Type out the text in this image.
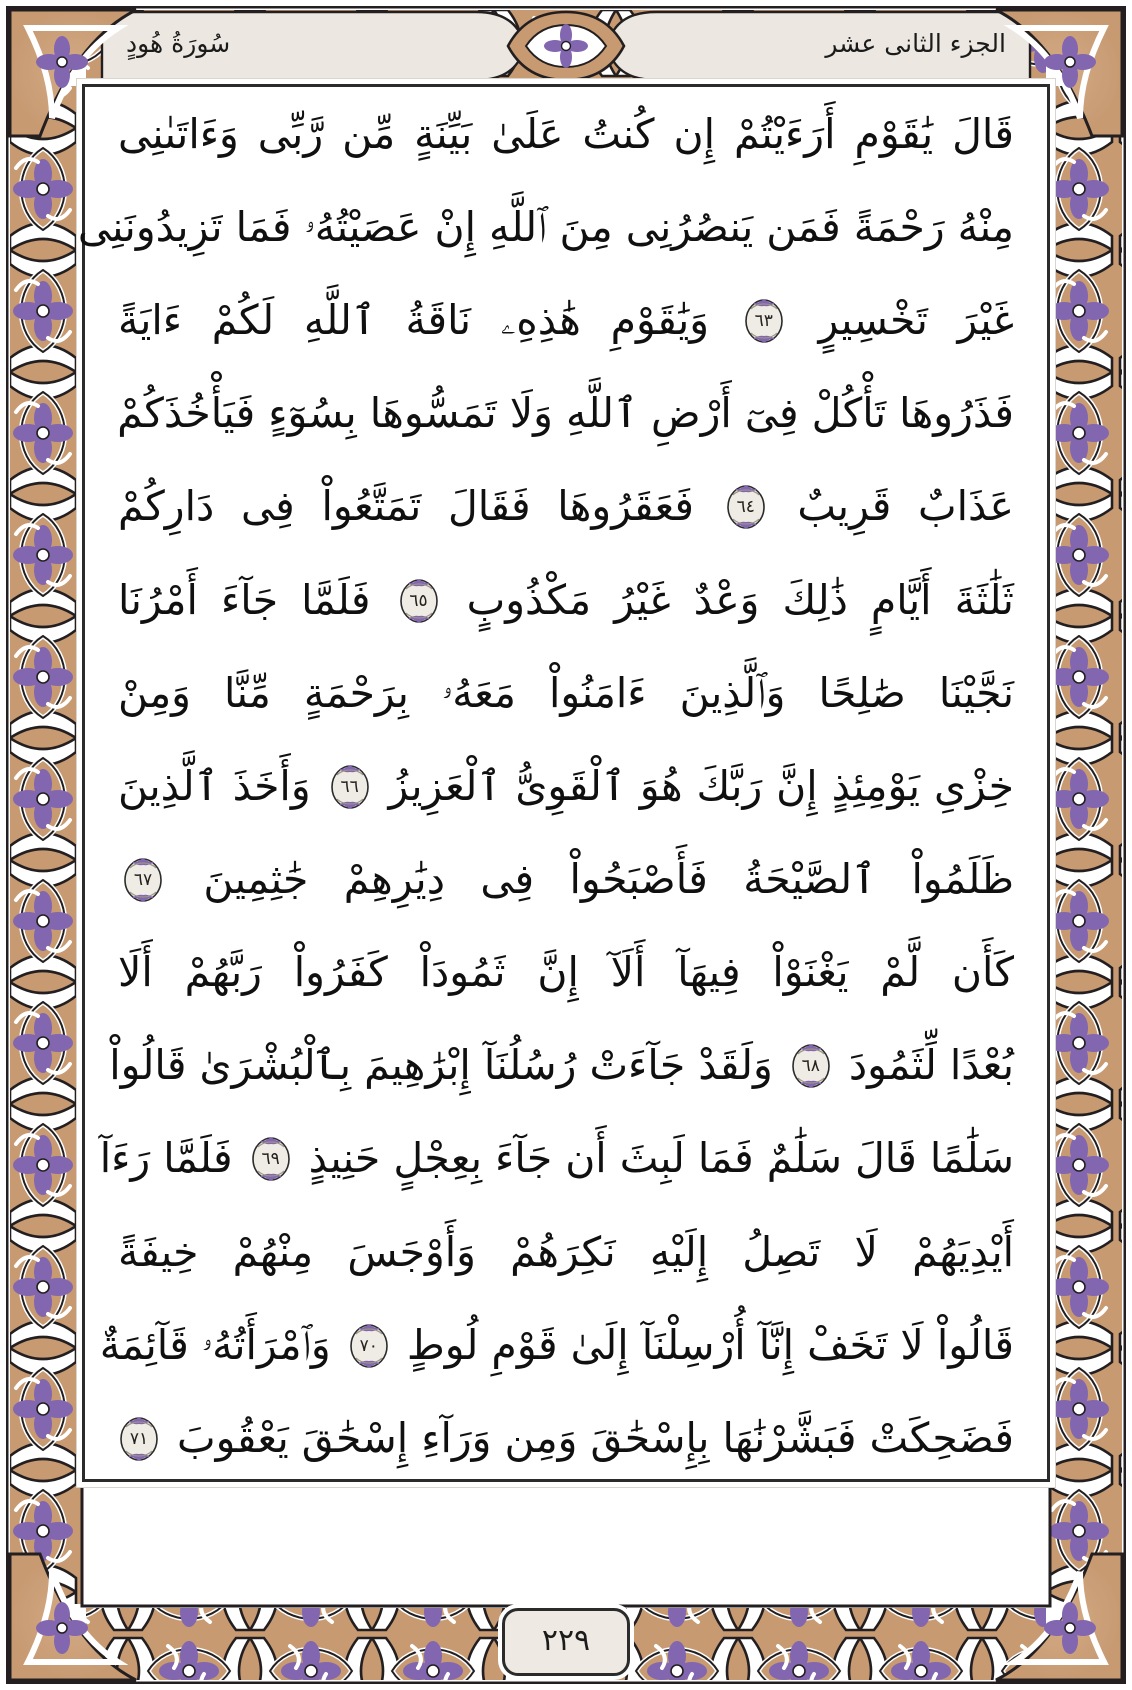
الجزء الثانى عشر
سُورَةُ هُودٍ
قَالَ يَٰقَوْمِ أَرَءَيْتُمْ إِن كُنتُ عَلَىٰ بَيِّنَةٍ مِّن رَّبِّى وَءَاتَىٰنِى
مِنْهُ رَحْمَةً فَمَن يَنصُرُنِى مِنَ ٱللَّهِ إِنْ عَصَيْتُهُۥ فَمَا تَزِيدُونَنِى
غَيْرَ تَخْسِيرٍ
٦٣
وَيَٰقَوْمِ هَٰذِهِۦ نَاقَةُ ٱللَّهِ لَكُمْ ءَايَةً
فَذَرُوهَا تَأْكُلْ فِىٓ أَرْضِ ٱللَّهِ وَلَا تَمَسُّوهَا بِسُوٓءٍ فَيَأْخُذَكُمْ
عَذَابٌ قَرِيبٌ
٦٤
فَعَقَرُوهَا فَقَالَ تَمَتَّعُواْ فِى دَارِكُمْ
ثَلَٰثَةَ أَيَّامٍ ذَٰلِكَ وَعْدٌ غَيْرُ مَكْذُوبٍ
٦٥
فَلَمَّا جَآءَ أَمْرُنَا
نَجَّيْنَا صَٰلِحًا وَٱلَّذِينَ ءَامَنُواْ مَعَهُۥ بِرَحْمَةٍ مِّنَّا وَمِنْ
خِزْىِ يَوْمِئِذٍ إِنَّ رَبَّكَ هُوَ ٱلْقَوِىُّ ٱلْعَزِيزُ
٦٦
وَأَخَذَ ٱلَّذِينَ
ظَلَمُواْ ٱلصَّيْحَةُ فَأَصْبَحُواْ فِى دِيَٰرِهِمْ جَٰثِمِينَ
٦٧
كَأَن لَّمْ يَغْنَوْاْ فِيهَآ أَلَآ إِنَّ ثَمُودَاْ كَفَرُواْ رَبَّهُمْ أَلَا
بُعْدًا لِّثَمُودَ
٦٨
وَلَقَدْ جَآءَتْ رُسُلُنَآ إِبْرَٰهِيمَ بِٱلْبُشْرَىٰ قَالُواْ
سَلَٰمًا قَالَ سَلَٰمٌ فَمَا لَبِثَ أَن جَآءَ بِعِجْلٍ حَنِيذٍ
٦٩
فَلَمَّا رَءَآ
أَيْدِيَهُمْ لَا تَصِلُ إِلَيْهِ نَكِرَهُمْ وَأَوْجَسَ مِنْهُمْ خِيفَةً
قَالُواْ لَا تَخَفْ إِنَّآ أُرْسِلْنَآ إِلَىٰ قَوْمِ لُوطٍ
٧٠
وَٱمْرَأَتُهُۥ قَآئِمَةٌ
فَضَحِكَتْ فَبَشَّرْنَٰهَا بِإِسْحَٰقَ وَمِن وَرَآءِ إِسْحَٰقَ يَعْقُوبَ
٧١
٢٢٩
